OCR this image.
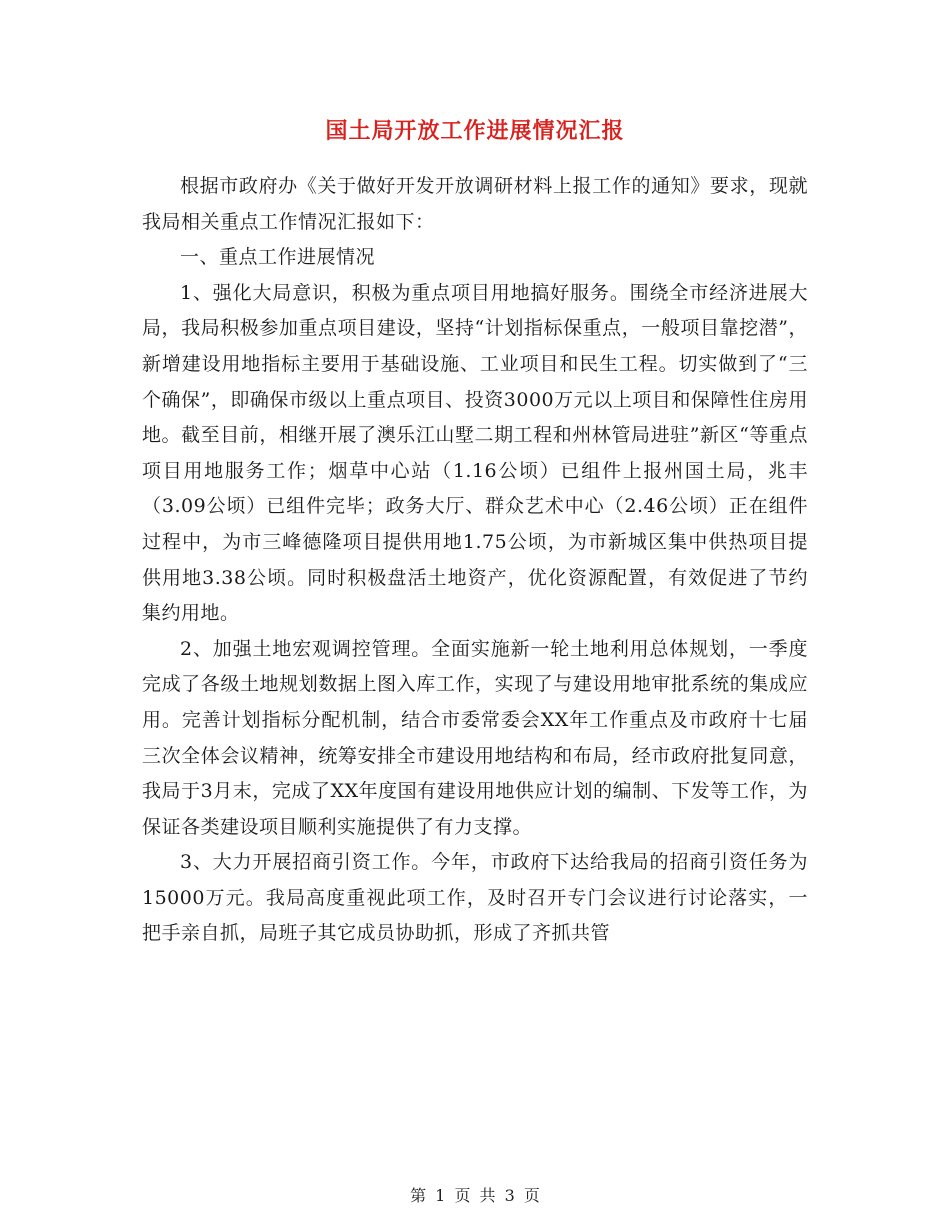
国土局开放工作进展情况汇报

根据市政府办《关于做好开发开放调研材料上报工作的通知》要求，现就我局相关重点工作情况汇报如下：

一、重点工作进展情况

1、强化大局意识，积极为重点项目用地搞好服务。围绕全市经济进展大局，我局积极参加重点项目建设，坚持“计划指标保重点，一般项目靠挖潜”，新增建设用地指标主要用于基础设施、工业项目和民生工程。切实做到了“三个确保”，即确保市级以上重点项目、投资3000万元以上项目和保障性住房用地。截至目前，相继开展了澳乐江山墅二期工程和州林管局进驻”新区“等重点项目用地服务工作；烟草中心站（1.16公顷）已组件上报州国土局，兆丰（3.09公顷）已组件完毕；政务大厅、群众艺术中心（2.46公顷）正在组件过程中，为市三峰德隆项目提供用地1.75公顷，为市新城区集中供热项目提供用地3.38公顷。同时积极盘活土地资产，优化资源配置，有效促进了节约集约用地。

2、加强土地宏观调控管理。全面实施新一轮土地利用总体规划，一季度完成了各级土地规划数据上图入库工作，实现了与建设用地审批系统的集成应用。完善计划指标分配机制，结合市委常委会XX年工作重点及市政府十七届三次全体会议精神，统筹安排全市建设用地结构和布局，经市政府批复同意，我局于3月末，完成了XX年度国有建设用地供应计划的编制、下发等工作，为保证各类建设项目顺利实施提供了有力支撑。

3、大力开展招商引资工作。今年，市政府下达给我局的招商引资任务为15000万元。我局高度重视此项工作，及时召开专门会议进行讨论落实，一把手亲自抓，局班子其它成员协助抓，形成了齐抓共管

第 1 页 共 3 页
